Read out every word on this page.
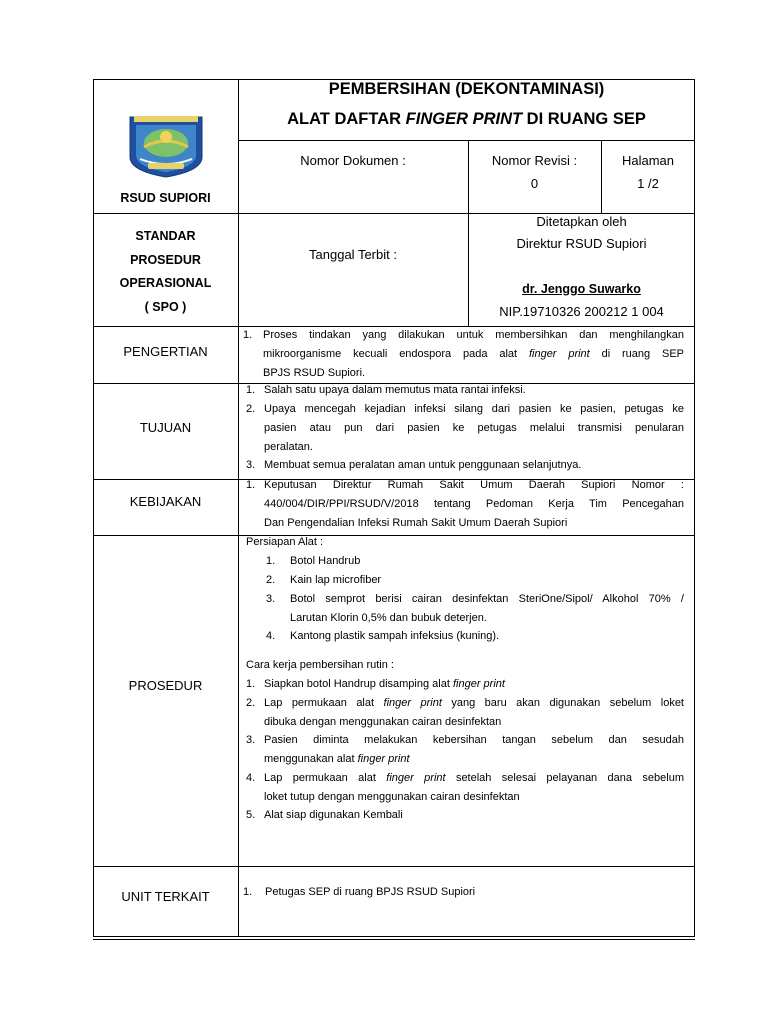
PEMBERSIHAN (DEKONTAMINASI)
ALAT DAFTAR FINGER PRINT DI RUANG SEP
RSUD SUPIORI
Nomor Dokumen :	Nomor Revisi :
0
Halaman
1 /2
STANDAR
PROSEDUR
OPERASIONAL
( SPO )
Tanggal Terbit :
Ditetapkan oleh
Direktur RSUD Supiori
dr. Jenggo Suwarko
NIP.19710326 200212 1 004
PENGERTIAN
TUJUAN
KEBIJAKAN
PROSEDUR
UNIT TERKAIT
1. Proses tindakan yang dilakukan untuk membersihkan dan menghilangkan
mikroorganisme kecuali endospora pada alat finger print di ruang SEP
BPJS RSUD Supiori.
1. Salah satu upaya dalam memutus mata rantai infeksi.
2. Upaya mencegah kejadian infeksi silang dari pasien ke pasien, petugas ke
pasien atau pun dari pasien ke petugas melalui transmisi penularan
peralatan.
3. Membuat semua peralatan aman untuk penggunaan selanjutnya.
1. Keputusan Direktur Rumah Sakit Umum Daerah Supiori Nomor :
440/004/DIR/PPI/RSUD/V/2018 tentang Pedoman Kerja Tim Pencegahan
Dan Pengendalian Infeksi Rumah Sakit Umum Daerah Supiori
Persiapan Alat :
1. Botol Handrub
2. Kain lap microfiber
3. Botol semprot berisi cairan desinfektan SteriOne/Sipol/ Alkohol 70% /
Larutan Klorin 0,5% dan bubuk deterjen.
4. Kantong plastik sampah infeksius (kuning).
Cara kerja pembersihan rutin :
1. Siapkan botol Handrup disamping alat finger print
2. Lap permukaan alat finger print yang baru akan digunakan sebelum loket
dibuka dengan menggunakan cairan desinfektan
3. Pasien diminta melakukan kebersihan tangan sebelum dan sesudah
menggunakan alat finger print
4. Lap permukaan alat finger print setelah selesai pelayanan dana sebelum
loket tutup dengan menggunakan cairan desinfektan
5. Alat siap digunakan Kembali
1. Petugas SEP di ruang BPJS RSUD Supiori
